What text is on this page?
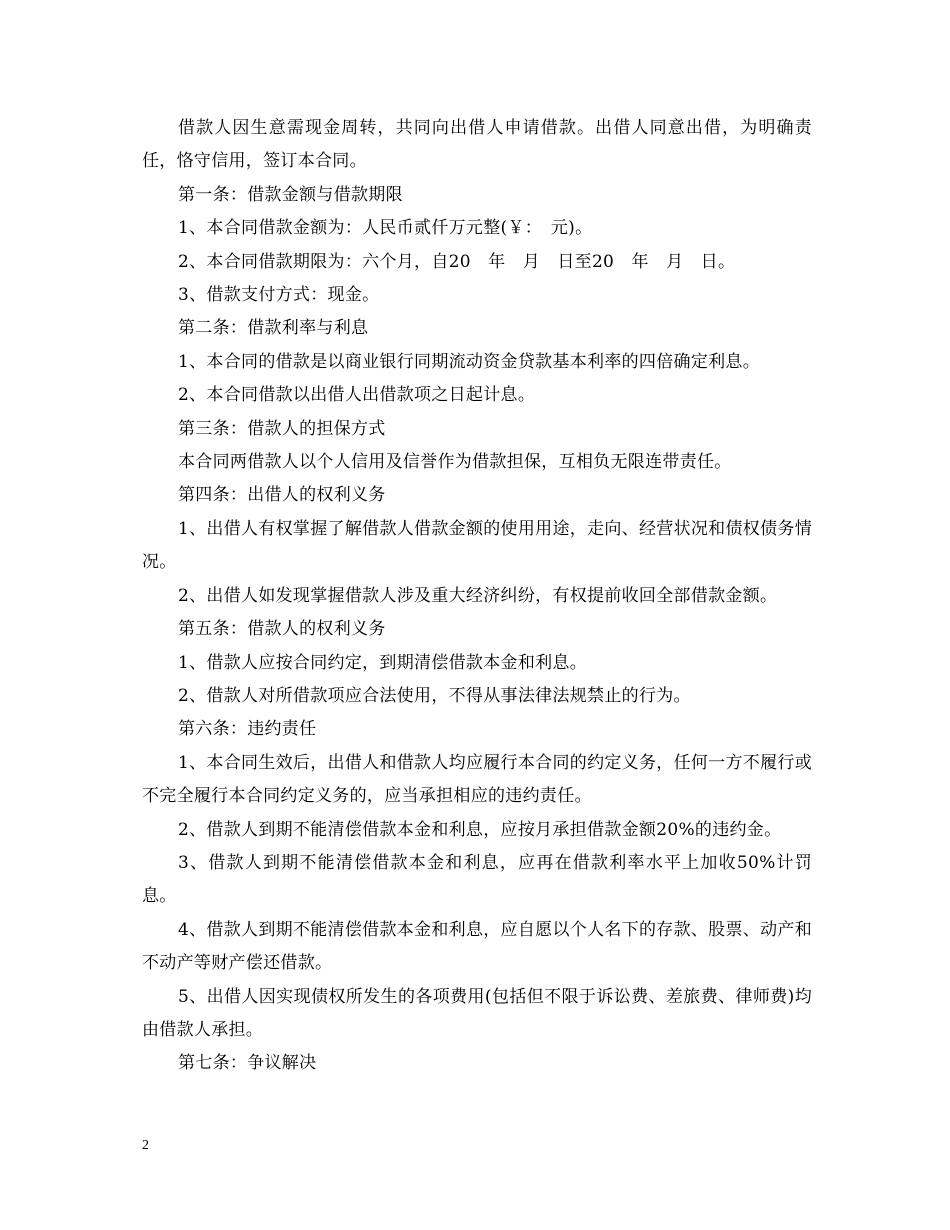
借款人因生意需现金周转，共同向出借人申请借款。出借人同意出借，为明确责任，恪守信用，签订本合同。

第一条：借款金额与借款期限

1、本合同借款金额为：人民币贰仟万元整(￥：　元)。

2、本合同借款期限为：六个月，自20　年　月　日至20　年　月　日。

3、借款支付方式：现金。

第二条：借款利率与利息

1、本合同的借款是以商业银行同期流动资金贷款基本利率的四倍确定利息。

2、本合同借款以出借人出借款项之日起计息。

第三条：借款人的担保方式

本合同两借款人以个人信用及信誉作为借款担保，互相负无限连带责任。

第四条：出借人的权利义务

1、出借人有权掌握了解借款人借款金额的使用用途，走向、经营状况和债权债务情况。

2、出借人如发现掌握借款人涉及重大经济纠纷，有权提前收回全部借款金额。

第五条：借款人的权利义务

1、借款人应按合同约定，到期清偿借款本金和利息。

2、借款人对所借款项应合法使用，不得从事法律法规禁止的行为。

第六条：违约责任

1、本合同生效后，出借人和借款人均应履行本合同的约定义务，任何一方不履行或不完全履行本合同约定义务的，应当承担相应的违约责任。

2、借款人到期不能清偿借款本金和利息，应按月承担借款金额20%的违约金。

3、借款人到期不能清偿借款本金和利息，应再在借款利率水平上加收50%计罚息。

4、借款人到期不能清偿借款本金和利息，应自愿以个人名下的存款、股票、动产和不动产等财产偿还借款。

5、出借人因实现债权所发生的各项费用(包括但不限于诉讼费、差旅费、律师费)均由借款人承担。

第七条：争议解决

2
